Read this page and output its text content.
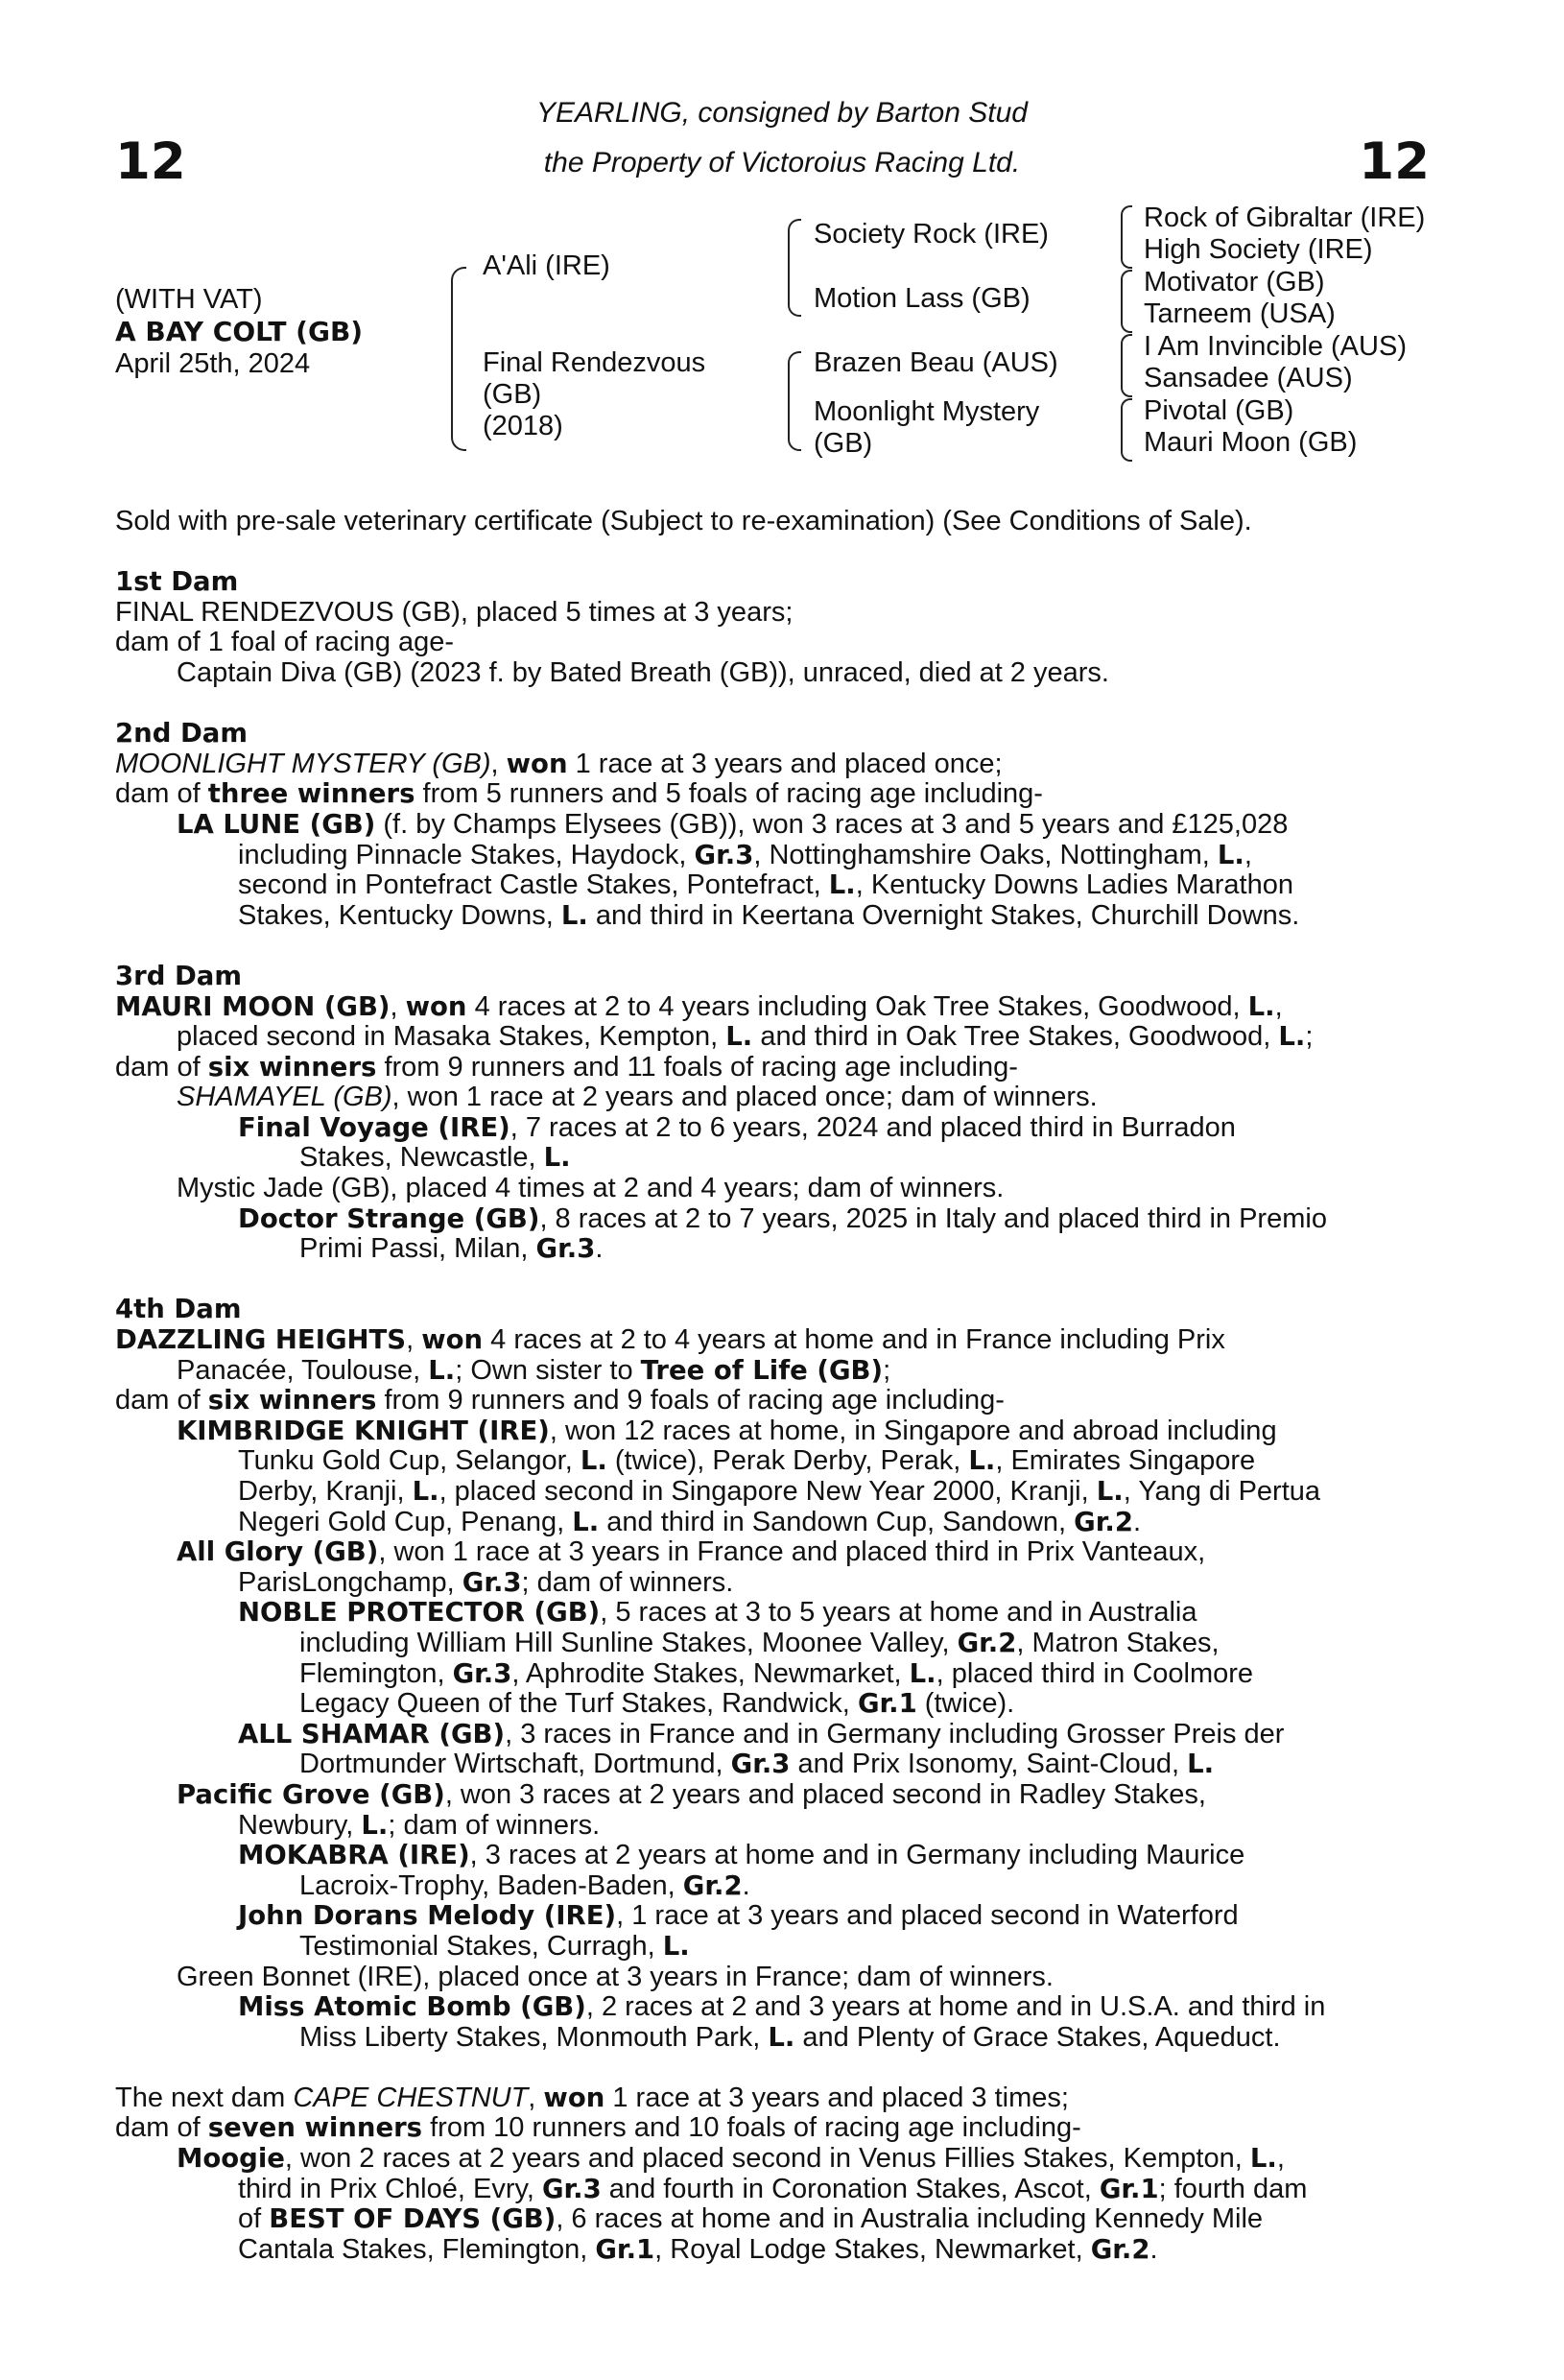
12	12
YEARLING, consigned by Barton Stud
the Property of Victoroius Racing Ltd.
(WITH VAT)
A BAY COLT (GB)
April 25th, 2024
A'Ali (IRE)
Final Rendezvous
(GB)
(2018)
Society Rock (IRE)
Motion Lass (GB)
Brazen Beau (AUS)
Moonlight Mystery
(GB)
Rock of Gibraltar (IRE)
High Society (IRE)
Motivator (GB)
Tarneem (USA)
I Am Invincible (AUS)
Sansadee (AUS)
Pivotal (GB)
Mauri Moon (GB)

Sold with pre-sale veterinary certificate (Subject to re-examination) (See Conditions of Sale).

1st Dam

FINAL RENDEZVOUS (GB), placed 5 times at 3 years;

dam of 1 foal of racing age-

Captain Diva (GB) (2023 f. by Bated Breath (GB)), unraced, died at 2 years.

2nd Dam

MOONLIGHT MYSTERY (GB), won 1 race at 3 years and placed once;

dam of three winners from 5 runners and 5 foals of racing age including-

LA LUNE (GB) (f. by Champs Elysees (GB)), won 3 races at 3 and 5 years and £125,028

including Pinnacle Stakes, Haydock, Gr.3, Nottinghamshire Oaks, Nottingham, L.,

second in Pontefract Castle Stakes, Pontefract, L., Kentucky Downs Ladies Marathon

Stakes, Kentucky Downs, L. and third in Keertana Overnight Stakes, Churchill Downs.

3rd Dam

MAURI MOON (GB), won 4 races at 2 to 4 years including Oak Tree Stakes, Goodwood, L.,

placed second in Masaka Stakes, Kempton, L. and third in Oak Tree Stakes, Goodwood, L.;

dam of six winners from 9 runners and 11 foals of racing age including-

SHAMAYEL (GB), won 1 race at 2 years and placed once; dam of winners.

Final Voyage (IRE), 7 races at 2 to 6 years, 2024 and placed third in Burradon

Stakes, Newcastle, L.

Mystic Jade (GB), placed 4 times at 2 and 4 years; dam of winners.

Doctor Strange (GB), 8 races at 2 to 7 years, 2025 in Italy and placed third in Premio

Primi Passi, Milan, Gr.3.

4th Dam

DAZZLING HEIGHTS, won 4 races at 2 to 4 years at home and in France including Prix

Panacée, Toulouse, L.; Own sister to Tree of Life (GB);

dam of six winners from 9 runners and 9 foals of racing age including-

KIMBRIDGE KNIGHT (IRE), won 12 races at home, in Singapore and abroad including

Tunku Gold Cup, Selangor, L. (twice), Perak Derby, Perak, L., Emirates Singapore

Derby, Kranji, L., placed second in Singapore New Year 2000, Kranji, L., Yang di Pertua

Negeri Gold Cup, Penang, L. and third in Sandown Cup, Sandown, Gr.2.

All Glory (GB), won 1 race at 3 years in France and placed third in Prix Vanteaux,

ParisLongchamp, Gr.3; dam of winners.

NOBLE PROTECTOR (GB), 5 races at 3 to 5 years at home and in Australia

including William Hill Sunline Stakes, Moonee Valley, Gr.2, Matron Stakes,

Flemington, Gr.3, Aphrodite Stakes, Newmarket, L., placed third in Coolmore

Legacy Queen of the Turf Stakes, Randwick, Gr.1 (twice).

ALL SHAMAR (GB), 3 races in France and in Germany including Grosser Preis der

Dortmunder Wirtschaft, Dortmund, Gr.3 and Prix Isonomy, Saint-Cloud, L.

Pacific Grove (GB), won 3 races at 2 years and placed second in Radley Stakes,

Newbury, L.; dam of winners.

MOKABRA (IRE), 3 races at 2 years at home and in Germany including Maurice

Lacroix-Trophy, Baden-Baden, Gr.2.

John Dorans Melody (IRE), 1 race at 3 years and placed second in Waterford

Testimonial Stakes, Curragh, L.

Green Bonnet (IRE), placed once at 3 years in France; dam of winners.

Miss Atomic Bomb (GB), 2 races at 2 and 3 years at home and in U.S.A. and third in

Miss Liberty Stakes, Monmouth Park, L. and Plenty of Grace Stakes, Aqueduct.

The next dam CAPE CHESTNUT, won 1 race at 3 years and placed 3 times;

dam of seven winners from 10 runners and 10 foals of racing age including-

Moogie, won 2 races at 2 years and placed second in Venus Fillies Stakes, Kempton, L.,

third in Prix Chloé, Evry, Gr.3 and fourth in Coronation Stakes, Ascot, Gr.1; fourth dam

of BEST OF DAYS (GB), 6 races at home and in Australia including Kennedy Mile

Cantala Stakes, Flemington, Gr.1, Royal Lodge Stakes, Newmarket, Gr.2.
